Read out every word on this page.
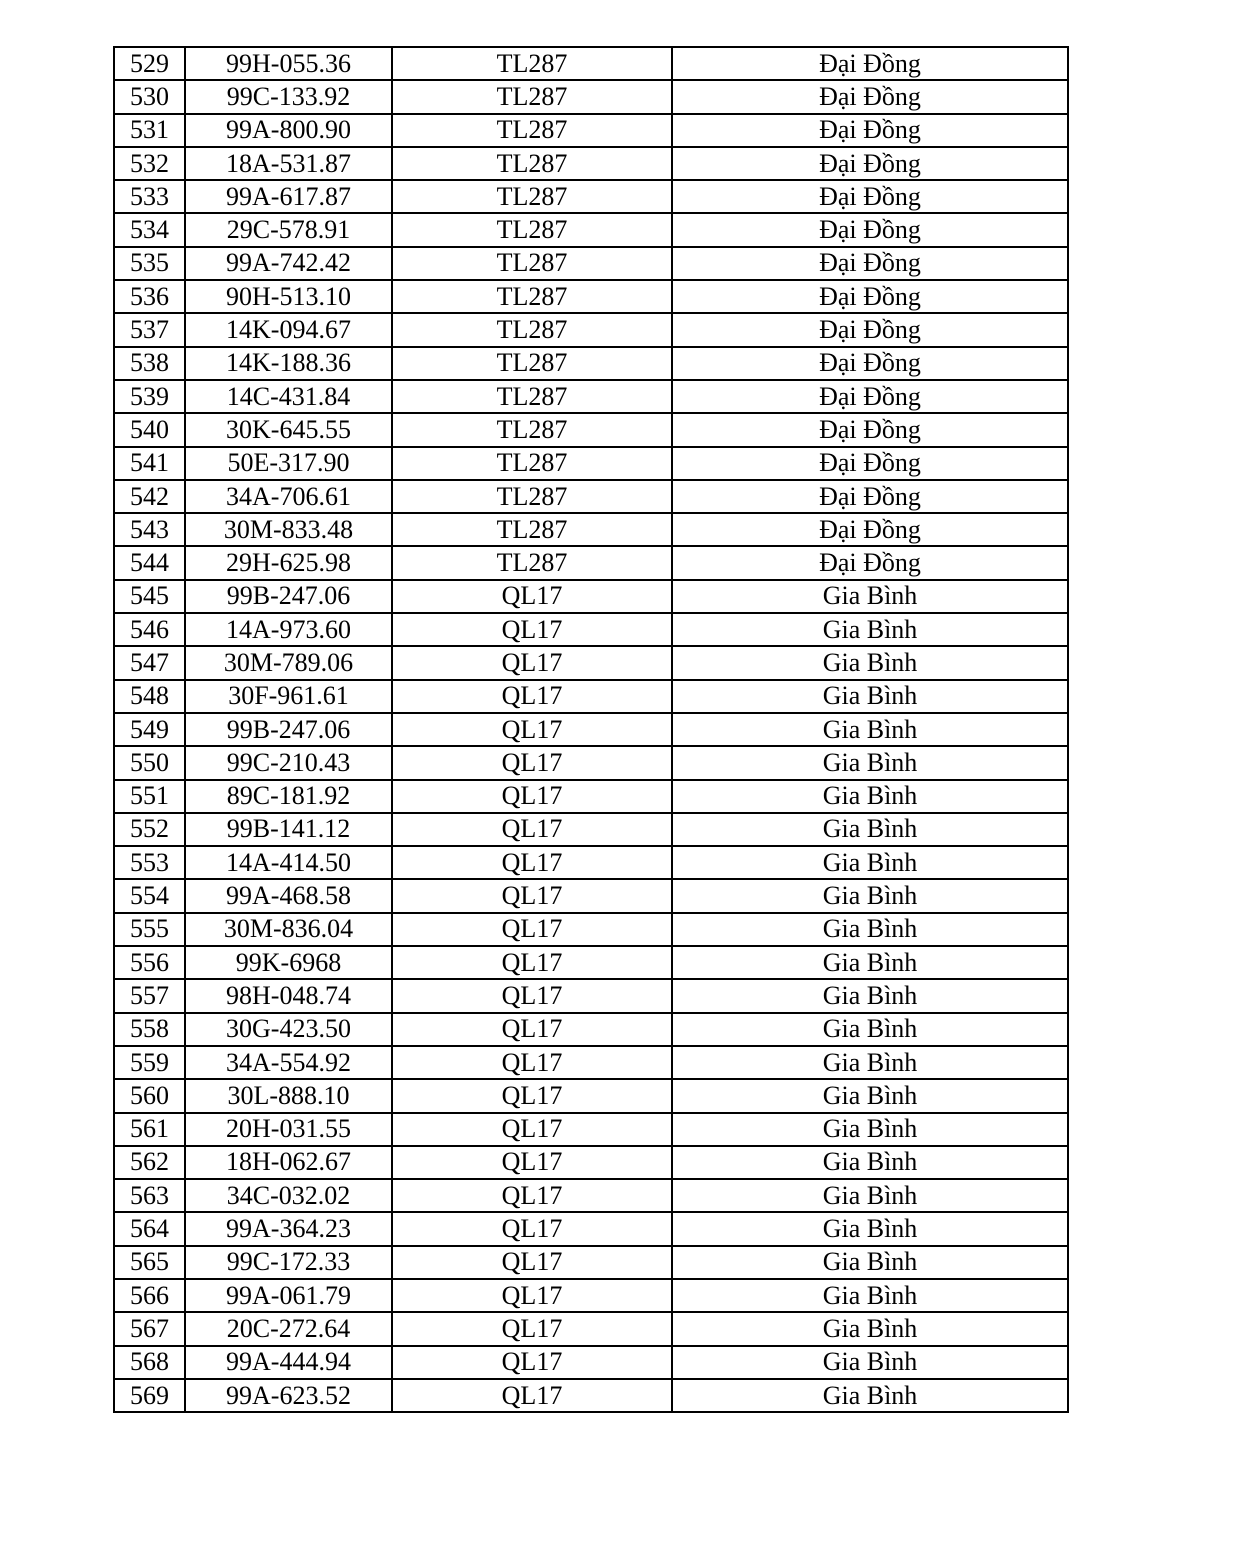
529	99H-055.36	TL287	Đại Đồng
530	99C-133.92	TL287	Đại Đồng
531	99A-800.90	TL287	Đại Đồng
532	18A-531.87	TL287	Đại Đồng
533	99A-617.87	TL287	Đại Đồng
534	29C-578.91	TL287	Đại Đồng
535	99A-742.42	TL287	Đại Đồng
536	90H-513.10	TL287	Đại Đồng
537	14K-094.67	TL287	Đại Đồng
538	14K-188.36	TL287	Đại Đồng
539	14C-431.84	TL287	Đại Đồng
540	30K-645.55	TL287	Đại Đồng
541	50E-317.90	TL287	Đại Đồng
542	34A-706.61	TL287	Đại Đồng
543	30M-833.48	TL287	Đại Đồng
544	29H-625.98	TL287	Đại Đồng
545	99B-247.06	QL17	Gia Bình
546	14A-973.60	QL17	Gia Bình
547	30M-789.06	QL17	Gia Bình
548	30F-961.61	QL17	Gia Bình
549	99B-247.06	QL17	Gia Bình
550	99C-210.43	QL17	Gia Bình
551	89C-181.92	QL17	Gia Bình
552	99B-141.12	QL17	Gia Bình
553	14A-414.50	QL17	Gia Bình
554	99A-468.58	QL17	Gia Bình
555	30M-836.04	QL17	Gia Bình
556	99K-6968	QL17	Gia Bình
557	98H-048.74	QL17	Gia Bình
558	30G-423.50	QL17	Gia Bình
559	34A-554.92	QL17	Gia Bình
560	30L-888.10	QL17	Gia Bình
561	20H-031.55	QL17	Gia Bình
562	18H-062.67	QL17	Gia Bình
563	34C-032.02	QL17	Gia Bình
564	99A-364.23	QL17	Gia Bình
565	99C-172.33	QL17	Gia Bình
566	99A-061.79	QL17	Gia Bình
567	20C-272.64	QL17	Gia Bình
568	99A-444.94	QL17	Gia Bình
569	99A-623.52	QL17	Gia Bình
